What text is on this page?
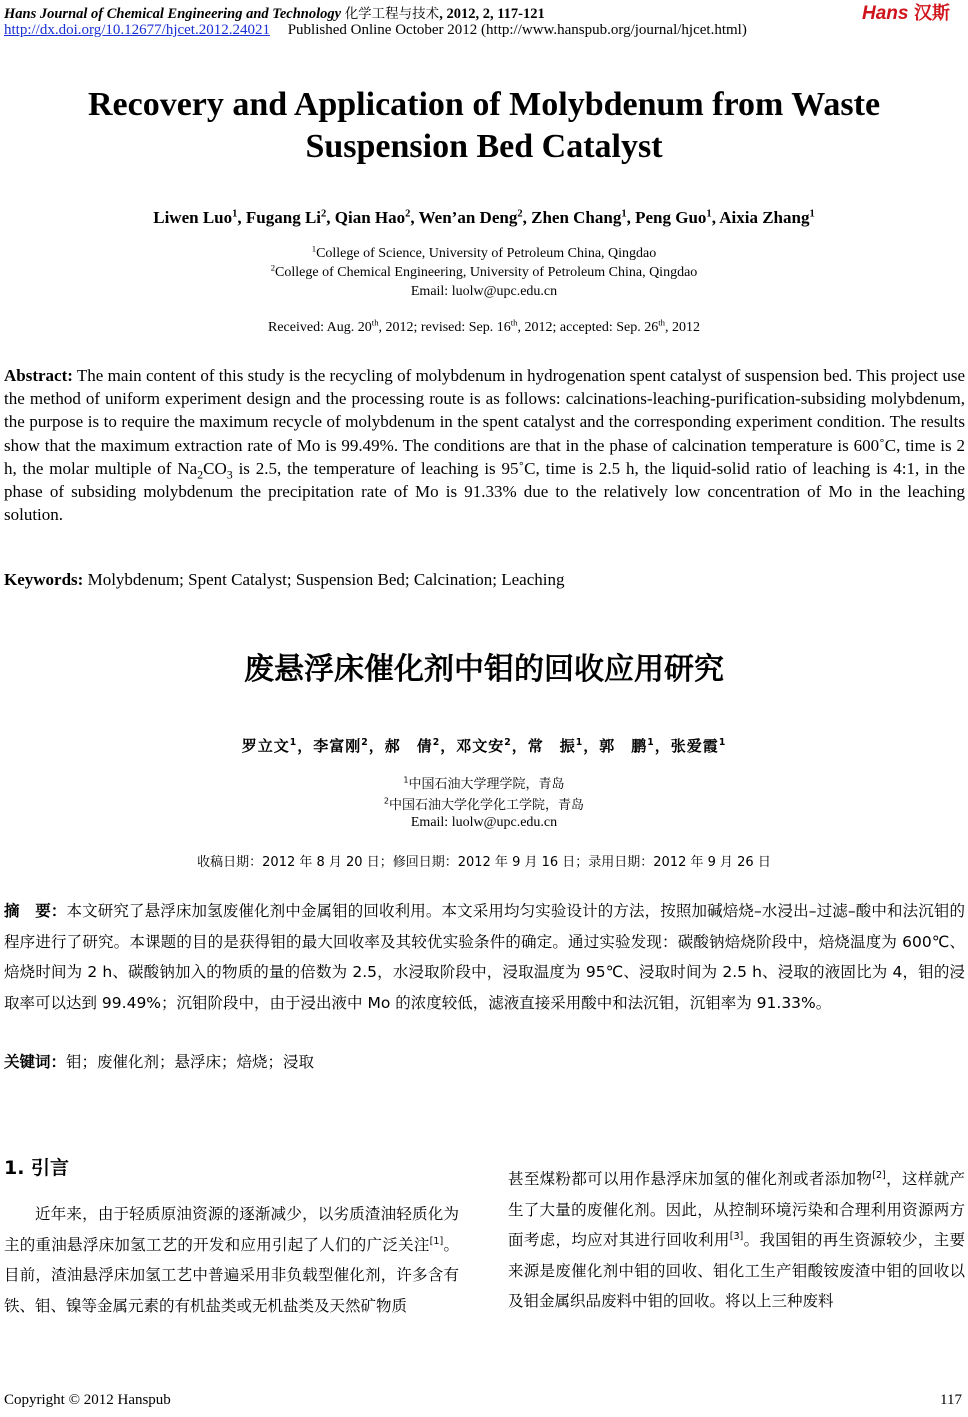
Hans Journal of Chemical Engineering and Technology 化学工程与技术, 2012, 2, 117-121	Hans 汉斯
http://dx.doi.org/10.12677/hjcet.2012.24021 Published Online October 2012 (http://www.hanspub.org/journal/hjcet.html)
Recovery and Application of Molybdenum from Waste
Suspension Bed Catalyst
Liwen Luo$^1$, Fugang Li$^2$, Qian Hao$^2$, Wen’an Deng$^2$, Zhen Chang$^1$, Peng Guo$^1$, Aixia Zhang$^1$
$^1$College of Science, University of Petroleum China, Qingdao
$^2$College of Chemical Engineering, University of Petroleum China, Qingdao
Email: luolw@upc.edu.cn
Received: Aug. 20th, 2012; revised: Sep. 16th, 2012; accepted: Sep. 26th, 2012
Abstract: The main content of this study is the recycling of molybdenum in hydrogenation spent catalyst of suspension bed. This project use the method of uniform experiment design and the processing route is as follows: calcinations-leaching-purification-subsiding molybdenum, the purpose is to require the maximum recycle of molybdenum in the spent catalyst and the corresponding experiment condition. The results show that the maximum extraction rate of Mo is 99.49%. The conditions are that in the phase of calcination temperature is 600˚C, time is 2 h, the molar multiple of $Na_2CO_3$ is 2.5, the temperature of leaching is 95˚C, time is 2.5 h, the liquid-solid ratio of leaching is 4:1, in the phase of subsiding molybdenum the precipitation rate of Mo is 91.33% due to the relatively low concentration of Mo in the leaching solution.
Keywords: Molybdenum; Spent Catalyst; Suspension Bed; Calcination; Leaching
废悬浮床催化剂中钼的回收应用研究
罗立文$^1$，李富刚$^2$，郝　倩$^2$，邓文安$^2$，常　振$^1$，郭　鹏$^1$，张爱霞$^1$
$^1$中国石油大学理学院，青岛
$^2$中国石油大学化学化工学院，青岛
Email: luolw@upc.edu.cn
收稿日期：2012 年 8 月 20 日；修回日期：2012 年 9 月 16 日；录用日期：2012 年 9 月 26 日
摘　要：本文研究了悬浮床加氢废催化剂中金属钼的回收利用。本文采用均匀实验设计的方法，按照加碱焙烧–水浸出–过滤–酸中和法沉钼的程序进行了研究。本课题的目的是获得钼的最大回收率及其较优实验条件的确定。通过实验发现：碳酸钠焙烧阶段中，焙烧温度为 600℃、焙烧时间为 2 h、碳酸钠加入的物质的量的倍数为 2.5，水浸取阶段中，浸取温度为 95℃、浸取时间为 2.5 h、浸取的液固比为 4，钼的浸取率可以达到 99.49%；沉钼阶段中，由于浸出液中 Mo 的浓度较低，滤液直接采用酸中和法沉钼，沉钼率为 91.33%。
关键词：钼；废催化剂；悬浮床；焙烧；浸取
1. 引言
近年来，由于轻质原油资源的逐渐减少，以劣质渣油轻质化为主的重油悬浮床加氢工艺的开发和应用引起了人们的广泛关注[1]。目前，渣油悬浮床加氢工艺中普遍采用非负载型催化剂，许多含有铁、钼、镍等金属元素的有机盐类或无机盐类及天然矿物质
甚至煤粉都可以用作悬浮床加氢的催化剂或者添加物[2]，这样就产生了大量的废催化剂。因此，从控制环境污染和合理利用资源两方面考虑，均应对其进行回收利用[3]。我国钼的再生资源较少，主要来源是废催化剂中钼的回收、钼化工生产钼酸铵废渣中钼的回收以及钼金属织品废料中钼的回收。将以上三种废料
Copyright © 2012 Hanspub	117
